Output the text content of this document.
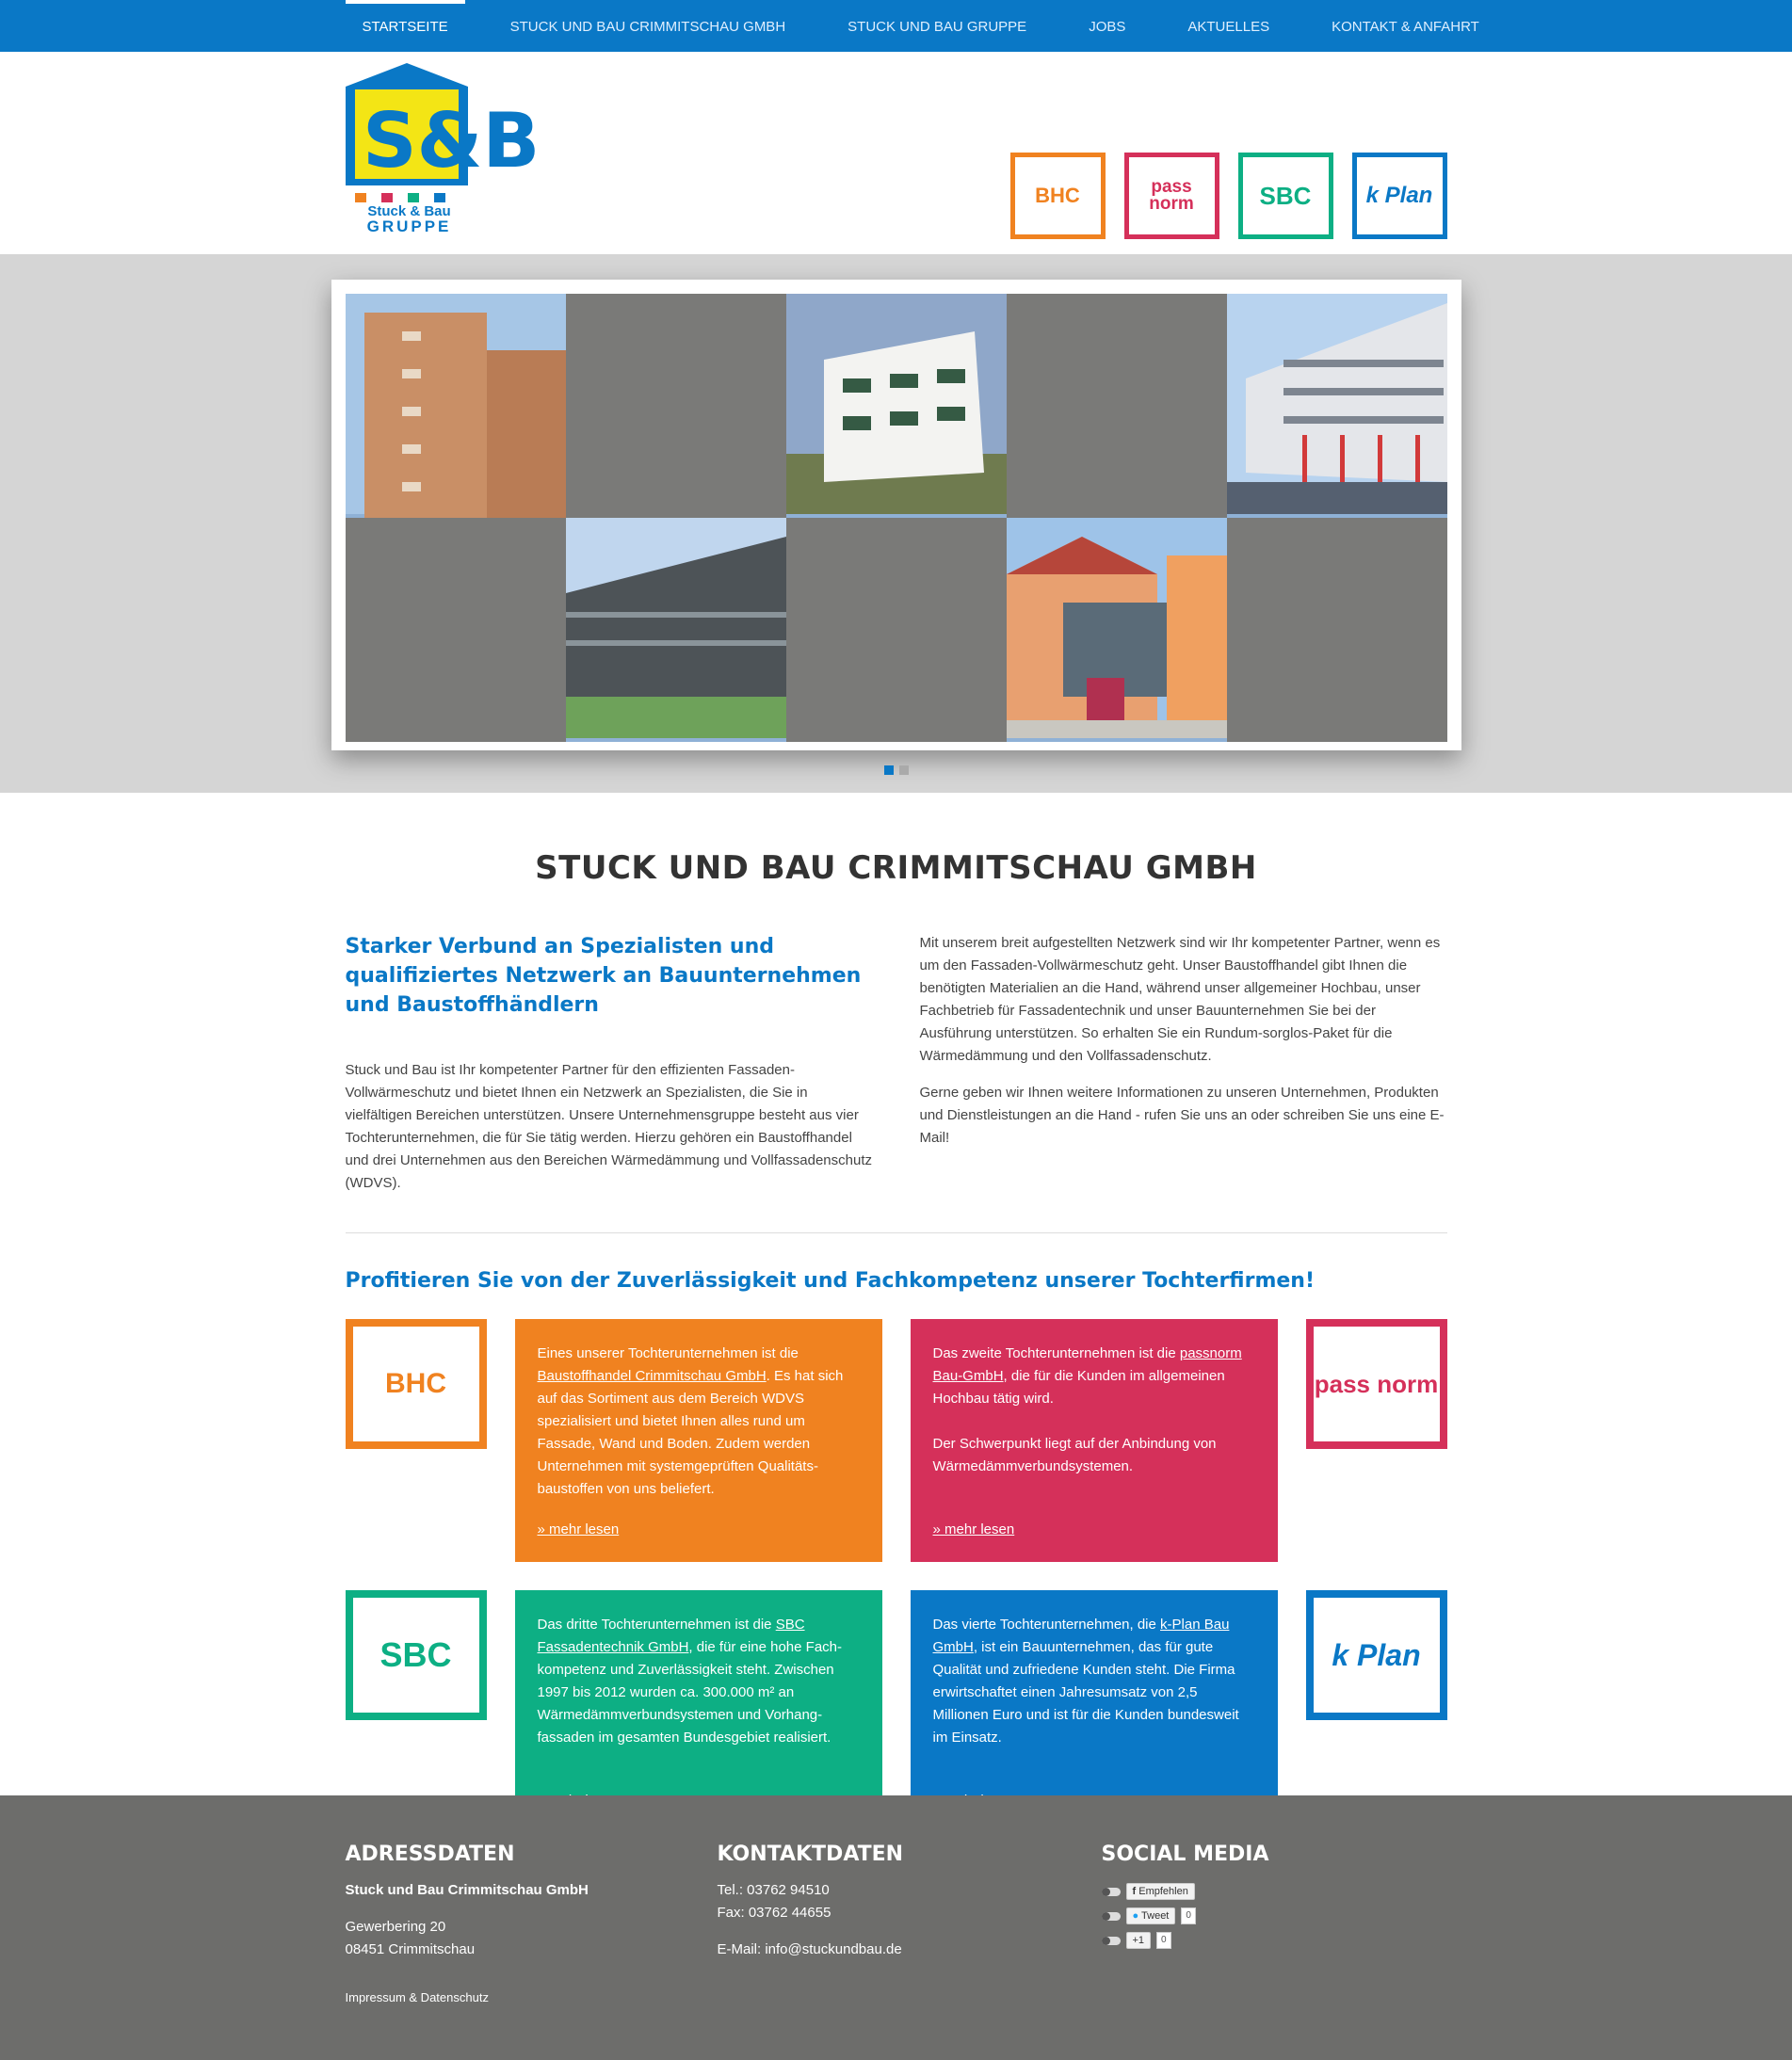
STARTSEITE	STUCK UND BAU CRIMMITSCHAU GMBH	STUCK UND BAU GRUPPE	JOBS	AKTUELLES	KONTAKT & ANFAHRT
S&B
Stuck & Bau
GRUPPE
BHC	pass norm	SBC k Plan
STUCK UND BAU CRIMMITSCHAU GMBH
Starker Verbund an Spezialisten und qualifiziertes Netzwerk an Bauunternehmen und Baustoffhändlern

Stuck und Bau ist Ihr kompetenter Partner für den effizienten Fassaden-Vollwärmeschutz und bietet Ihnen ein Netzwerk an Spezialisten, die Sie in vielfältigen Bereichen unterstützen. Unsere Unternehmensgruppe besteht aus vier Tochterunternehmen, die für Sie tätig werden. Hierzu gehören ein Baustoffhandel und drei Unternehmen aus den Bereichen Wärmedämmung und Vollfassadenschutz (WDVS).

Mit unserem breit aufgestellten Netzwerk sind wir Ihr kompetenter Partner, wenn es um den Fassaden-Vollwärmeschutz geht. Unser Baustoffhandel gibt Ihnen die benötigten Materialien an die Hand, während unser allgemeiner Hochbau, unser Fachbetrieb für Fassadentechnik und unser Bauunternehmen Sie bei der Ausführung unterstützen. So erhalten Sie ein Rundum-sorglos-Paket für die Wärmedämmung und den Vollfassadenschutz.

Gerne geben wir Ihnen weitere Informationen zu unseren Unternehmen, Produkten und Dienstleistungen an die Hand - rufen Sie uns an oder schreiben Sie uns eine E-Mail!

Profitieren Sie von der Zuverlässigkeit und Fachkompetenz unserer Tochterfirmen!
BHC
Eines unserer Tochterunternehmen ist die Baustoffhandel Crimmitschau GmbH. Es hat sich auf das Sortiment aus dem Bereich WDVS spezialisiert und bietet Ihnen alles rund um Fassade, Wand und Boden. Zudem werden Unternehmen mit systemgeprüften Qualitäts-baustoffen von uns beliefert.
» mehr lesen
Das zweite Tochterunternehmen ist die passnorm Bau-GmbH, die für die Kunden im allgemeinen Hochbau tätig wird.

Der Schwerpunkt liegt auf der Anbindung von Wärmedämmverbundsystemen.

» mehr lesen
pass norm
SBC
Das dritte Tochterunternehmen ist die SBC Fassadentechnik GmbH, die für eine hohe Fach-kompetenz und Zuverlässigkeit steht. Zwischen 1997 bis 2012 wurden ca. 300.000 m² an Wärmedämmverbundsystemen und Vorhang-fassaden im gesamten Bundesgebiet realisiert.
Das vierte Tochterunternehmen, die k-Plan Bau GmbH, ist ein Bauunternehmen, das für gute Qualität und zufriedene Kunden steht. Die Firma erwirtschaftet einen Jahresumsatz von 2,5 Millionen Euro und ist für die Kunden bundesweit im Einsatz.
k Plan
ADRESSDATEN
Stuck und Bau Crimmitschau GmbH
Gewerbering 20
08451 Crimmitschau
KONTAKTDATEN
Tel.: 03762 94510
Fax: 03762 44655
E-Mail: info@stuckundbau.de
SOCIAL MEDIA
f Empfehlen
● Tweet	0
+1	0
Impressum & Datenschutz
